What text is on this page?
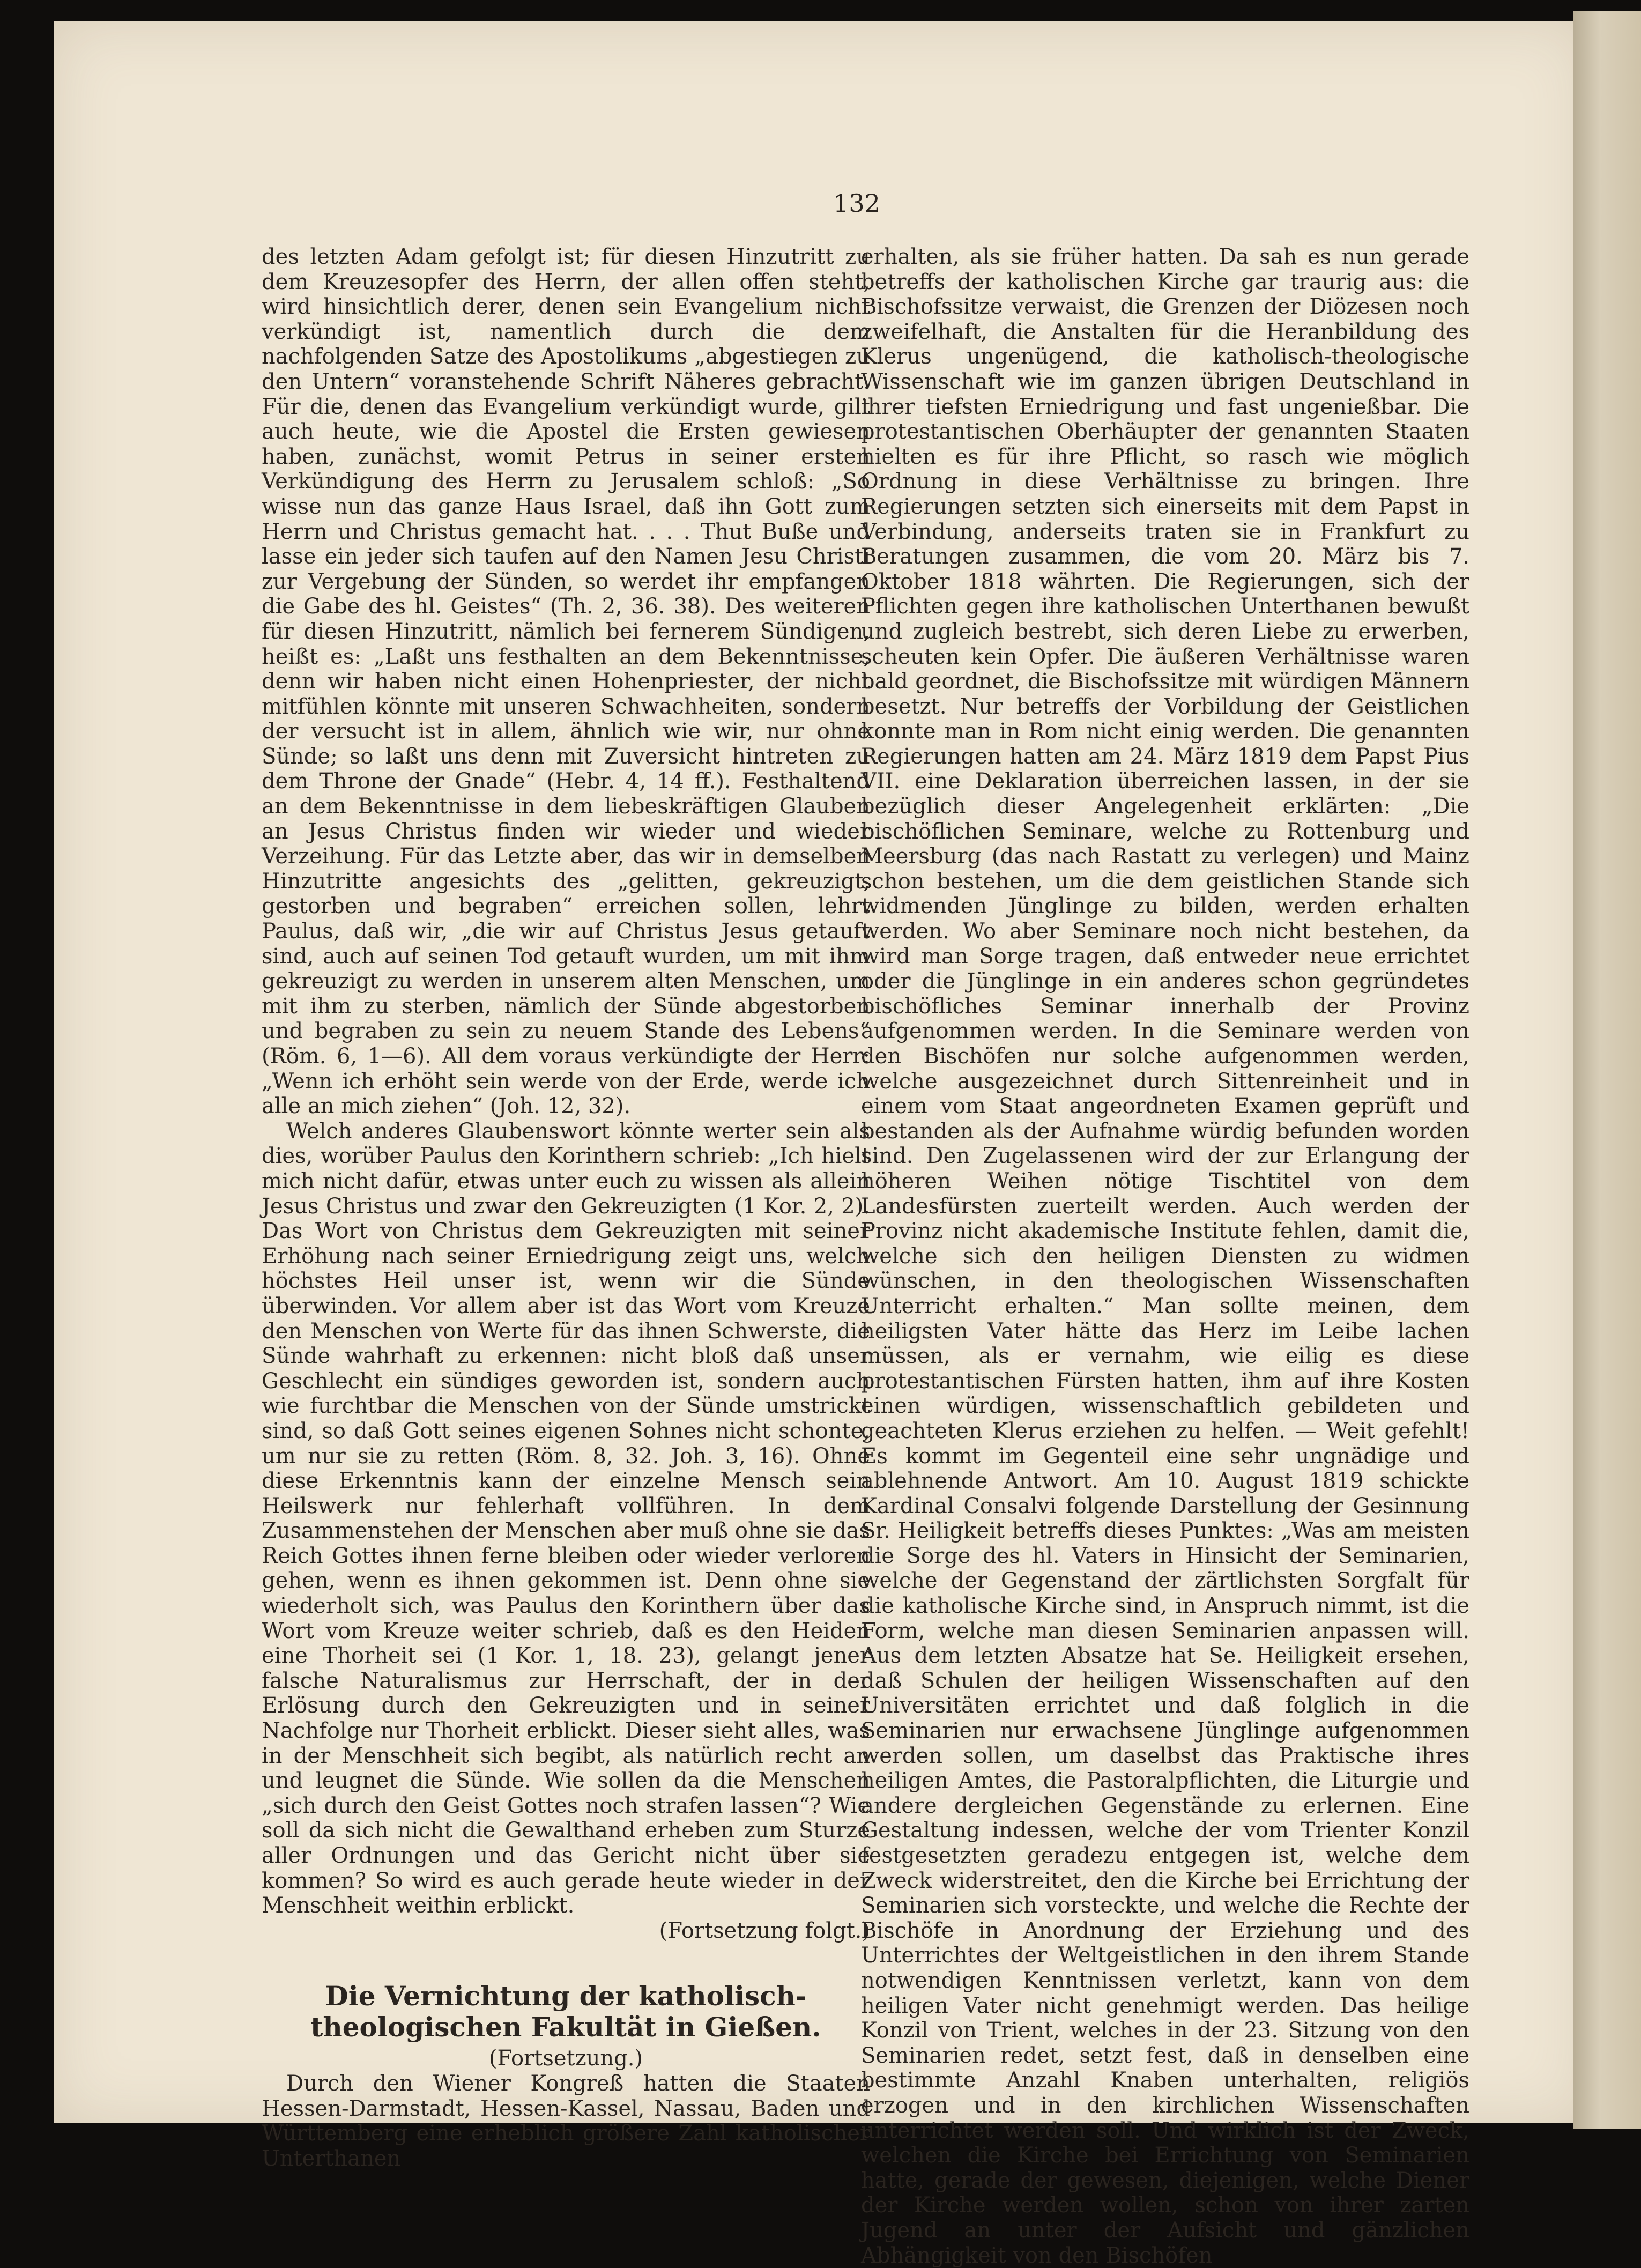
132

des letzten Adam gefolgt ist; für diesen Hinzutritt zu dem Kreuzesopfer des Herrn, der allen offen steht, wird hinsichtlich derer, denen sein Evangelium nicht verkündigt ist, namentlich durch die dem nachfolgenden Satze des Apostolikums „abgestiegen zu den Untern“ voranstehende Schrift Näheres gebracht. Für die, denen das Evangelium verkündigt wurde, gilt auch heute, wie die Apostel die Ersten gewiesen haben, zunächst, womit Petrus in seiner ersten Verkündigung des Herrn zu Jerusalem schloß: „So wisse nun das ganze Haus Israel, daß ihn Gott zum Herrn und Christus gemacht hat. . . . Thut Buße und lasse ein jeder sich taufen auf den Namen Jesu Christi zur Vergebung der Sünden, so werdet ihr empfangen die Gabe des hl. Geistes“ (Th. 2, 36. 38). Des weiteren für diesen Hinzutritt, nämlich bei fernerem Sündigen, heißt es: „Laßt uns festhalten an dem Bekenntnisse, denn wir haben nicht einen Hohenpriester, der nicht mitfühlen könnte mit unseren Schwachheiten, sondern der versucht ist in allem, ähnlich wie wir, nur ohne Sünde; so laßt uns denn mit Zuversicht hintreten zu dem Throne der Gnade“ (Hebr. 4, 14 ff.). Festhaltend an dem Bekenntnisse in dem liebeskräftigen Glauben an Jesus Christus finden wir wieder und wieder Verzeihung. Für das Letzte aber, das wir in demselben Hinzutritte angesichts des „gelitten, gekreuzigt, gestorben und begraben“ erreichen sollen, lehrt Paulus, daß wir, „die wir auf Christus Jesus getauft sind, auch auf seinen Tod getauft wurden, um mit ihm gekreuzigt zu werden in unserem alten Menschen, um mit ihm zu sterben, nämlich der Sünde abgestorben und begraben zu sein zu neuem Stande des Lebens“ (Röm. 6, 1—6). All dem voraus verkündigte der Herr: „Wenn ich erhöht sein werde von der Erde, werde ich alle an mich ziehen“ (Joh. 12, 32).

Welch anderes Glaubenswort könnte werter sein als dies, worüber Paulus den Korinthern schrieb: „Ich hielt mich nicht dafür, etwas unter euch zu wissen als allein Jesus Christus und zwar den Gekreuzigten (1 Kor. 2, 2). Das Wort von Christus dem Gekreuzigten mit seiner Erhöhung nach seiner Erniedrigung zeigt uns, welch höchstes Heil unser ist, wenn wir die Sünde überwinden. Vor allem aber ist das Wort vom Kreuze den Menschen von Werte für das ihnen Schwerste, die Sünde wahrhaft zu erkennen: nicht bloß daß unser Geschlecht ein sündiges geworden ist, sondern auch wie furchtbar die Menschen von der Sünde umstrickt sind, so daß Gott seines eigenen Sohnes nicht schonte, um nur sie zu retten (Röm. 8, 32. Joh. 3, 16). Ohne diese Erkenntnis kann der einzelne Mensch sein Heilswerk nur fehlerhaft vollführen. In dem Zusammenstehen der Menschen aber muß ohne sie das Reich Gottes ihnen ferne bleiben oder wieder verloren gehen, wenn es ihnen gekommen ist. Denn ohne sie wiederholt sich, was Paulus den Korinthern über das Wort vom Kreuze weiter schrieb, daß es den Heiden eine Thorheit sei (1 Kor. 1, 18. 23), gelangt jener falsche Naturalismus zur Herrschaft, der in der Erlösung durch den Gekreuzigten und in seiner Nachfolge nur Thorheit erblickt. Dieser sieht alles, was in der Menschheit sich begibt, als natürlich recht an und leugnet die Sünde. Wie sollen da die Menschen „sich durch den Geist Gottes noch strafen lassen“? Wie soll da sich nicht die Gewalthand erheben zum Sturze aller Ordnungen und das Gericht nicht über sie kommen? So wird es auch gerade heute wieder in der Menschheit weithin erblickt.

(Fortsetzung folgt.)

Die Vernichtung der katholisch-theologischen Fakultät in Gießen.
(Fortsetzung.)

Durch den Wiener Kongreß hatten die Staaten Hessen-Darmstadt, Hessen-Kassel, Nassau, Baden und Württemberg eine erheblich größere Zahl katholischer Unterthanen

erhalten, als sie früher hatten. Da sah es nun gerade betreffs der katholischen Kirche gar traurig aus: die Bischofssitze verwaist, die Grenzen der Diözesen noch zweifelhaft, die Anstalten für die Heranbildung des Klerus ungenügend, die katholisch-theologische Wissenschaft wie im ganzen übrigen Deutschland in ihrer tiefsten Erniedrigung und fast ungenießbar. Die protestantischen Oberhäupter der genannten Staaten hielten es für ihre Pflicht, so rasch wie möglich Ordnung in diese Verhältnisse zu bringen. Ihre Regierungen setzten sich einerseits mit dem Papst in Verbindung, anderseits traten sie in Frankfurt zu Beratungen zusammen, die vom 20. März bis 7. Oktober 1818 währten. Die Regierungen, sich der Pflichten gegen ihre katholischen Unterthanen bewußt und zugleich bestrebt, sich deren Liebe zu erwerben, scheuten kein Opfer. Die äußeren Verhältnisse waren bald geordnet, die Bischofssitze mit würdigen Männern besetzt. Nur betreffs der Vorbildung der Geistlichen konnte man in Rom nicht einig werden. Die genannten Regierungen hatten am 24. März 1819 dem Papst Pius VII. eine Deklaration überreichen lassen, in der sie bezüglich dieser Angelegenheit erklärten: „Die bischöflichen Seminare, welche zu Rottenburg und Meersburg (das nach Rastatt zu verlegen) und Mainz schon bestehen, um die dem geistlichen Stande sich widmenden Jünglinge zu bilden, werden erhalten werden. Wo aber Seminare noch nicht bestehen, da wird man Sorge tragen, daß entweder neue errichtet oder die Jünglinge in ein anderes schon gegründetes bischöfliches Seminar innerhalb der Provinz aufgenommen werden. In die Seminare werden von den Bischöfen nur solche aufgenommen werden, welche ausgezeichnet durch Sittenreinheit und in einem vom Staat angeordneten Examen geprüft und bestanden als der Aufnahme würdig befunden worden sind. Den Zugelassenen wird der zur Erlangung der höheren Weihen nötige Tischtitel von dem Landesfürsten zuerteilt werden. Auch werden der Provinz nicht akademische Institute fehlen, damit die, welche sich den heiligen Diensten zu widmen wünschen, in den theologischen Wissenschaften Unterricht erhalten.“ Man sollte meinen, dem heiligsten Vater hätte das Herz im Leibe lachen müssen, als er vernahm, wie eilig es diese protestantischen Fürsten hatten, ihm auf ihre Kosten einen würdigen, wissenschaftlich gebildeten und geachteten Klerus erziehen zu helfen. — Weit gefehlt! Es kommt im Gegenteil eine sehr ungnädige und ablehnende Antwort. Am 10. August 1819 schickte Kardinal Consalvi folgende Darstellung der Gesinnung Sr. Heiligkeit betreffs dieses Punktes: „Was am meisten die Sorge des hl. Vaters in Hinsicht der Seminarien, welche der Gegenstand der zärtlichsten Sorgfalt für die katholische Kirche sind, in Anspruch nimmt, ist die Form, welche man diesen Seminarien anpassen will. Aus dem letzten Absatze hat Se. Heiligkeit ersehen, daß Schulen der heiligen Wissenschaften auf den Universitäten errichtet und daß folglich in die Seminarien nur erwachsene Jünglinge aufgenommen werden sollen, um daselbst das Praktische ihres heiligen Amtes, die Pastoralpflichten, die Liturgie und andere dergleichen Gegenstände zu erlernen. Eine Gestaltung indessen, welche der vom Trienter Konzil festgesetzten geradezu entgegen ist, welche dem Zweck widerstreitet, den die Kirche bei Errichtung der Seminarien sich vorsteckte, und welche die Rechte der Bischöfe in Anordnung der Erziehung und des Unterrichtes der Weltgeistlichen in den ihrem Stande notwendigen Kenntnissen verletzt, kann von dem heiligen Vater nicht genehmigt werden. Das heilige Konzil von Trient, welches in der 23. Sitzung von den Seminarien redet, setzt fest, daß in denselben eine bestimmte Anzahl Knaben unterhalten, religiös erzogen und in den kirchlichen Wissenschaften unterrichtet werden soll. Und wirklich ist der Zweck, welchen die Kirche bei Errichtung von Seminarien hatte, gerade der gewesen, diejenigen, welche Diener der Kirche werden wollen, schon von ihrer zarten Jugend an unter der Aufsicht und gänzlichen Abhängigkeit von den Bischöfen
